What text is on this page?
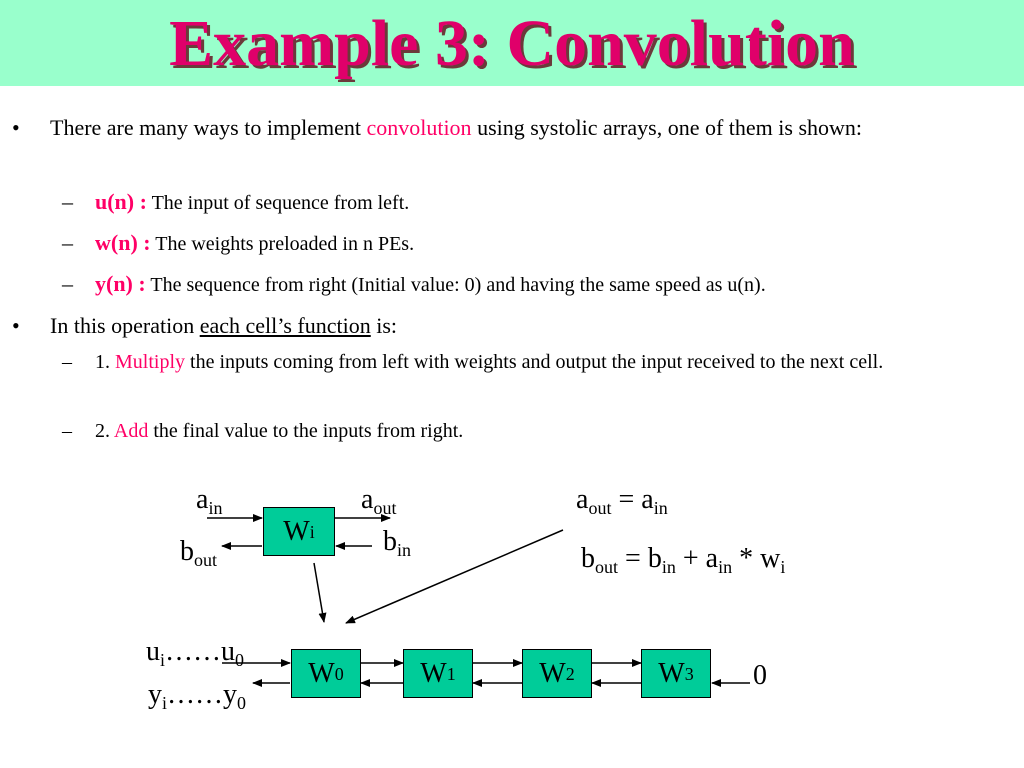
Example 3: Convolution
• There are many ways to implement convolution using systolic arrays, one of them is shown:
– u(n) : The input of sequence from left.
– w(n) : The weights preloaded in n PEs.
– y(n) : The sequence from right (Initial value: 0) and having the same speed as u(n).
• In this operation each cell’s function is:
– 1. Multiply the inputs coming from left with weights and output the input received to the next cell.
– 2. Add the final value to the inputs from right.
W i
$a_{in}$	$a_{out}$
$b_{in}$
$b_{out}$
$a_{out} = a_{in}$
$b_{out} = b_{in} + a_{in} * w_i$
W 0	W 1	W 2	W 3
$u_i\dots\dots u_0$
$y_i\dots\dots y_0$
0
